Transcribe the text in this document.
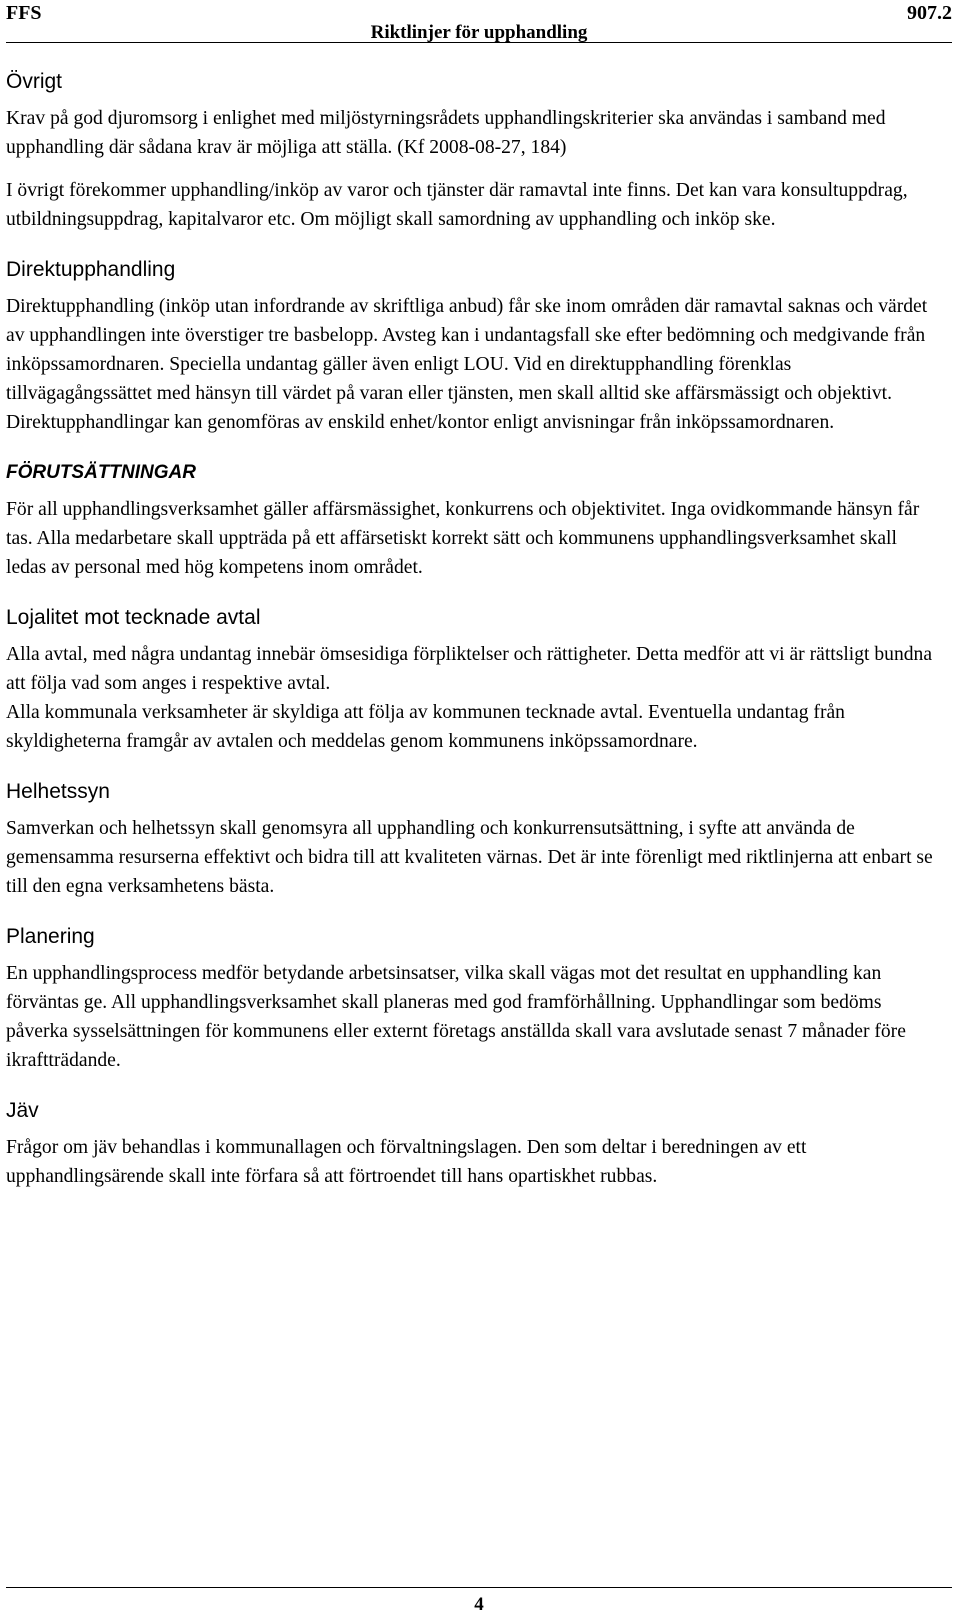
FFS
Riktlinjer för upphandling
907.2
Övrigt

Krav på god djuromsorg i enlighet med miljöstyrningsrådets upphandlingskriterier ska användas i samband med upphandling där sådana krav är möjliga att ställa. (Kf 2008-08-27, 184)

I övrigt förekommer upphandling/inköp av varor och tjänster där ramavtal inte finns. Det kan vara konsultuppdrag, utbildningsuppdrag, kapitalvaror etc. Om möjligt skall samordning av upphandling och inköp ske.

Direktupphandling

Direktupphandling (inköp utan infordrande av skriftliga anbud) får ske inom områden där ramavtal saknas och värdet av upphandlingen inte överstiger tre basbelopp. Avsteg kan i undantagsfall ske efter bedömning och medgivande från inköpssamordnaren. Speciella undantag gäller även enligt LOU. Vid en direktupphandling förenklas tillvägagångssättet med hänsyn till värdet på varan eller tjänsten, men skall alltid ske affärsmässigt och objektivt. Direktupphandlingar kan genomföras av enskild enhet/kontor enligt anvisningar från inköpssamordnaren.

FÖRUTSÄTTNINGAR

För all upphandlingsverksamhet gäller affärsmässighet, konkurrens och objektivitet. Inga ovidkommande hänsyn får tas. Alla medarbetare skall uppträda på ett affärsetiskt korrekt sätt och kommunens upphandlingsverksamhet skall ledas av personal med hög kompetens inom området.

Lojalitet mot tecknade avtal

Alla avtal, med några undantag innebär ömsesidiga förpliktelser och rättigheter. Detta medför att vi är rättsligt bundna att följa vad som anges i respektive avtal.

Alla kommunala verksamheter är skyldiga att följa av kommunen tecknade avtal. Eventuella undantag från skyldigheterna framgår av avtalen och meddelas genom kommunens inköpssamordnare.

Helhetssyn

Samverkan och helhetssyn skall genomsyra all upphandling och konkurrensutsättning, i syfte att använda de gemensamma resurserna effektivt och bidra till att kvaliteten värnas. Det är inte förenligt med riktlinjerna att enbart se till den egna verksamhetens bästa.

Planering

En upphandlingsprocess medför betydande arbetsinsatser, vilka skall vägas mot det resultat en upphandling kan förväntas ge. All upphandlingsverksamhet skall planeras med god framförhållning. Upphandlingar som bedöms påverka sysselsättningen för kommunens eller externt företags anställda skall vara avslutade senast 7 månader före ikraftträdande.

Jäv

Frågor om jäv behandlas i kommunallagen och förvaltningslagen. Den som deltar i beredningen av ett upphandlingsärende skall inte förfara så att förtroendet till hans opartiskhet rubbas.

4
